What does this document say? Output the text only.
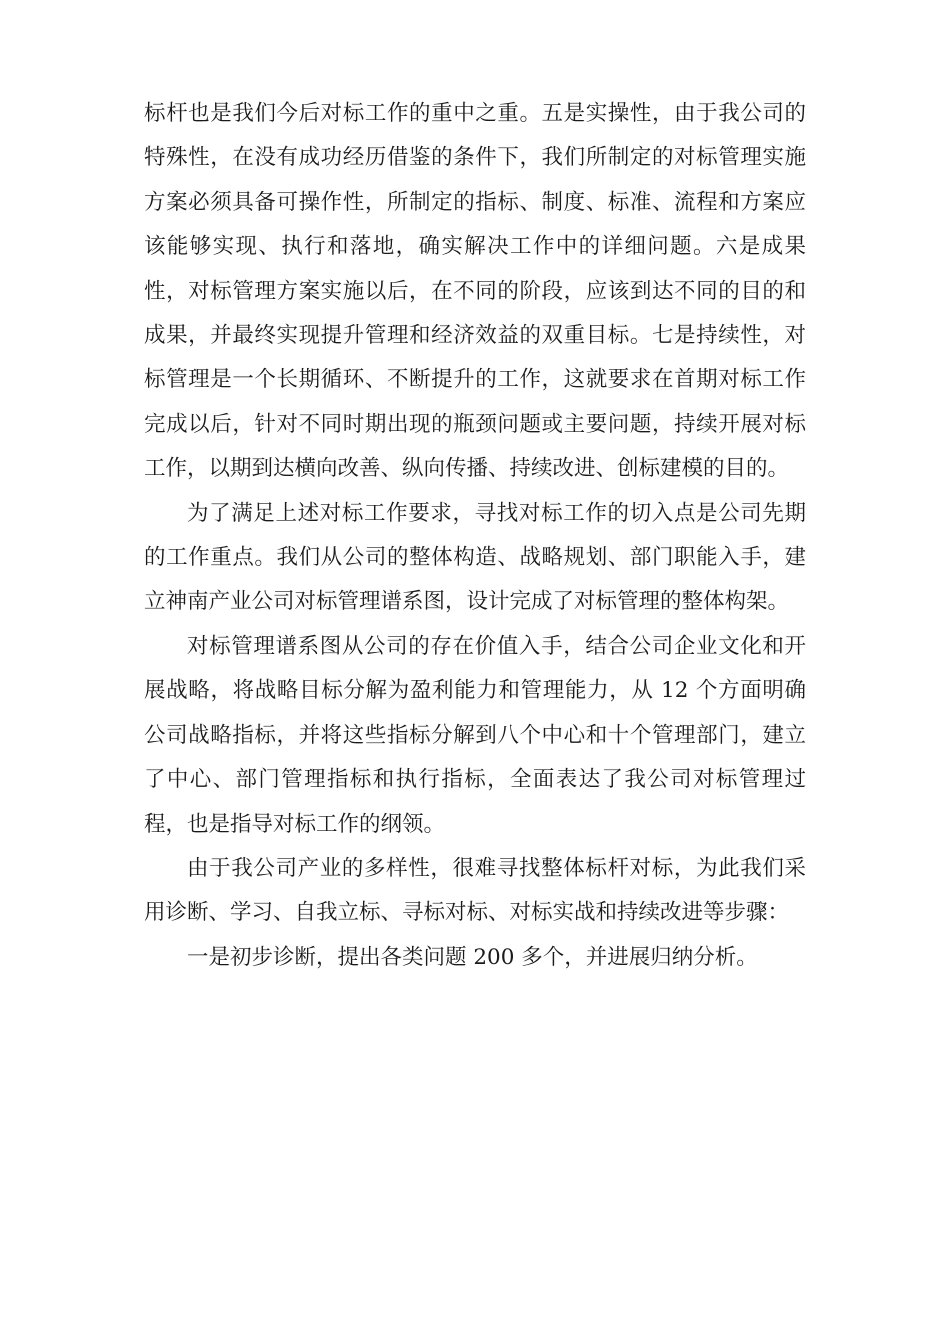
标杆也是我们今后对标工作的重中之重。五是实操性，由于我公司的特殊性，在没有成功经历借鉴的条件下，我们所制定的对标管理实施方案必须具备可操作性，所制定的指标、制度、标准、流程和方案应该能够实现、执行和落地，确实解决工作中的详细问题。六是成果性，对标管理方案实施以后，在不同的阶段，应该到达不同的目的和成果，并最终实现提升管理和经济效益的双重目标。七是持续性，对标管理是一个长期循环、不断提升的工作，这就要求在首期对标工作完成以后，针对不同时期出现的瓶颈问题或主要问题，持续开展对标工作，以期到达横向改善、纵向传播、持续改进、创标建模的目的。

为了满足上述对标工作要求，寻找对标工作的切入点是公司先期的工作重点。我们从公司的整体构造、战略规划、部门职能入手，建立神南产业公司对标管理谱系图，设计完成了对标管理的整体构架。

对标管理谱系图从公司的存在价值入手，结合公司企业文化和开展战略，将战略目标分解为盈利能力和管理能力，从 12 个方面明确公司战略指标，并将这些指标分解到八个中心和十个管理部门，建立了中心、部门管理指标和执行指标，全面表达了我公司对标管理过程，也是指导对标工作的纲领。

由于我公司产业的多样性，很难寻找整体标杆对标，为此我们采用诊断、学习、自我立标、寻标对标、对标实战和持续改进等步骤：

一是初步诊断，提出各类问题 200 多个，并进展归纳分析。
